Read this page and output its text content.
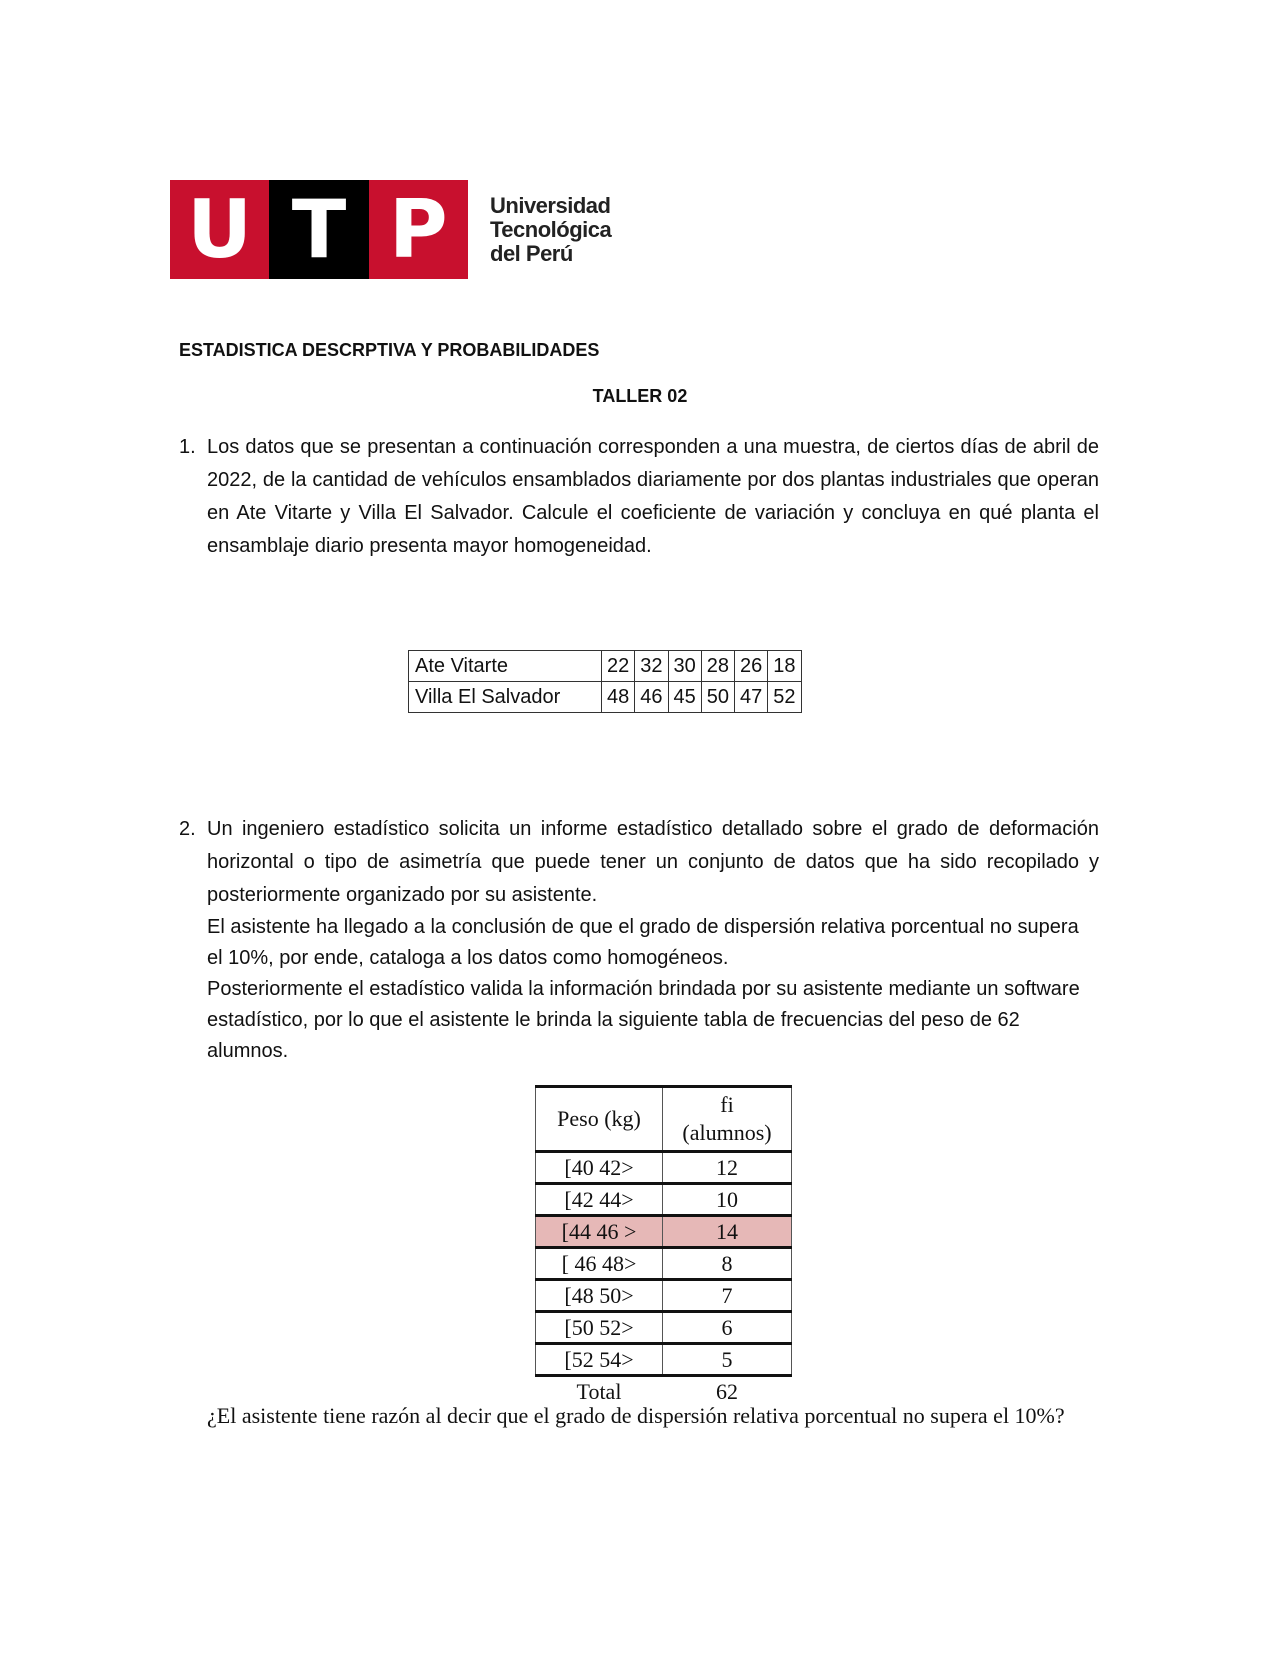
U T P	Universidad
Tecnológica
del Perú
ESTADISTICA DESCRPTIVA Y PROBABILIDADES
TALLER 02
1. Los datos que se presentan a continuación corresponden a una muestra, de ciertos días de abril de 2022, de la cantidad de vehículos ensamblados diariamente por dos plantas industriales que operan en Ate Vitarte y Villa El Salvador. Calcule el coeficiente de variación y concluya en qué planta el ensamblaje diario presenta mayor homogeneidad.

Ate Vitarte	22	32	30	28	26	18
Villa El Salvador	48	46	45	50	47	52
2. Un ingeniero estadístico solicita un informe estadístico detallado sobre el grado de deformación horizontal o tipo de asimetría que puede tener un conjunto de datos que ha sido recopilado y posteriormente organizado por su asistente.

El asistente ha llegado a la conclusión de que el grado de dispersión relativa porcentual no supera el 10%, por ende, cataloga a los datos como homogéneos.

Posteriormente el estadístico valida la información brindada por su asistente mediante un software estadístico, por lo que el asistente le brinda la siguiente tabla de frecuencias del peso de 62 alumnos.

Peso (kg)	fi
(alumnos)

[40 42>	12
[42 44>	10
[44 46 >	14
[ 46 48>	8
[48 50>	7
[50 52>	6
[52 54>	5
Total	62
¿El asistente tiene razón al decir que el grado de dispersión relativa porcentual no supera el 10%?
